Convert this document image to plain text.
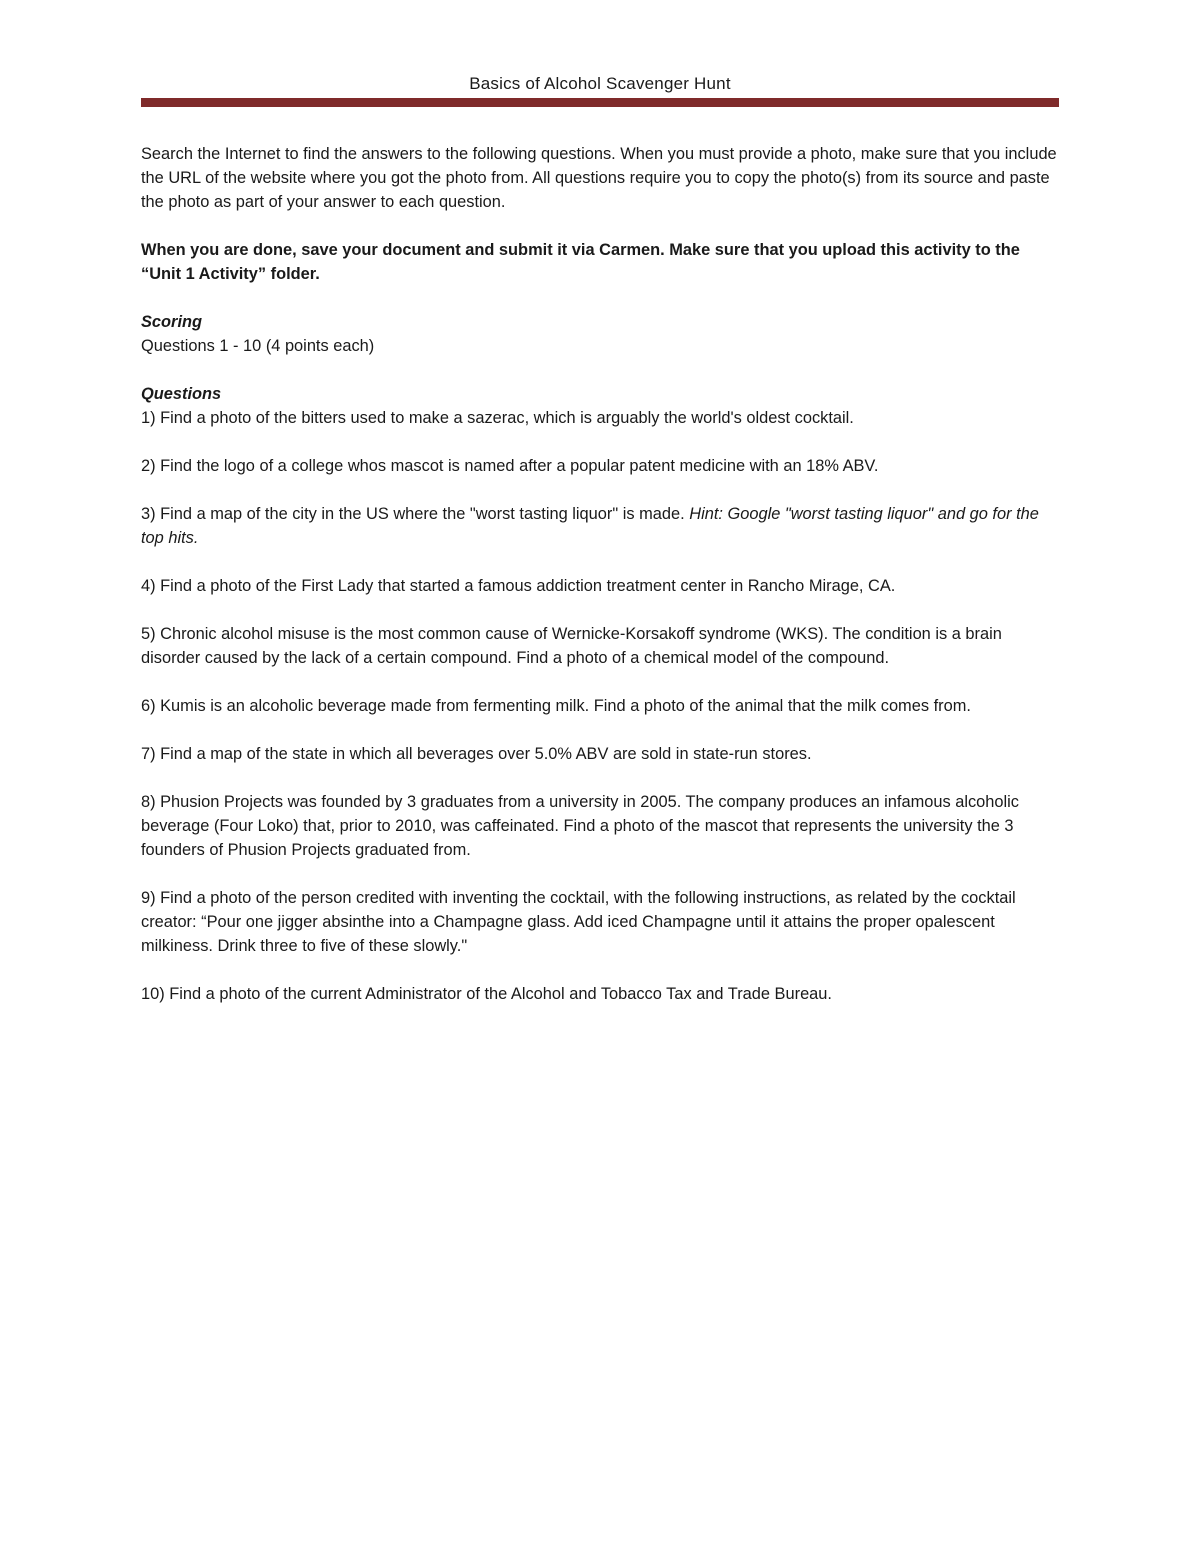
Basics of Alcohol Scavenger Hunt

Search the Internet to find the answers to the following questions. When you must provide a photo, make sure that you include the URL of the website where you got the photo from. All questions require you to copy the photo(s) from its source and paste the photo as part of your answer to each question.

When you are done, save your document and submit it via Carmen. Make sure that you upload this activity to the “Unit 1 Activity” folder.

Scoring

Questions 1 - 10 (4 points each)

Questions

1) Find a photo of the bitters used to make a sazerac, which is arguably the world's oldest cocktail.

2) Find the logo of a college whos mascot is named after a popular patent medicine with an 18% ABV.

3) Find a map of the city in the US where the "worst tasting liquor" is made. Hint: Google "worst tasting liquor" and go for the top hits.

4) Find a photo of the First Lady that started a famous addiction treatment center in Rancho Mirage, CA.

5) Chronic alcohol misuse is the most common cause of Wernicke-Korsakoff syndrome (WKS). The condition is a brain disorder caused by the lack of a certain compound. Find a photo of a chemical model of the compound.

6) Kumis is an alcoholic beverage made from fermenting milk. Find a photo of the animal that the milk comes from.

7) Find a map of the state in which all beverages over 5.0% ABV are sold in state-run stores.

8) Phusion Projects was founded by 3 graduates from a university in 2005. The company produces an infamous alcoholic beverage (Four Loko) that, prior to 2010, was caffeinated. Find a photo of the mascot that represents the university the 3 founders of Phusion Projects graduated from.

9) Find a photo of the person credited with inventing the cocktail, with the following instructions, as related by the cocktail creator: “Pour one jigger absinthe into a Champagne glass. Add iced Champagne until it attains the proper opalescent milkiness. Drink three to five of these slowly."

10) Find a photo of the current Administrator of the Alcohol and Tobacco Tax and Trade Bureau.
